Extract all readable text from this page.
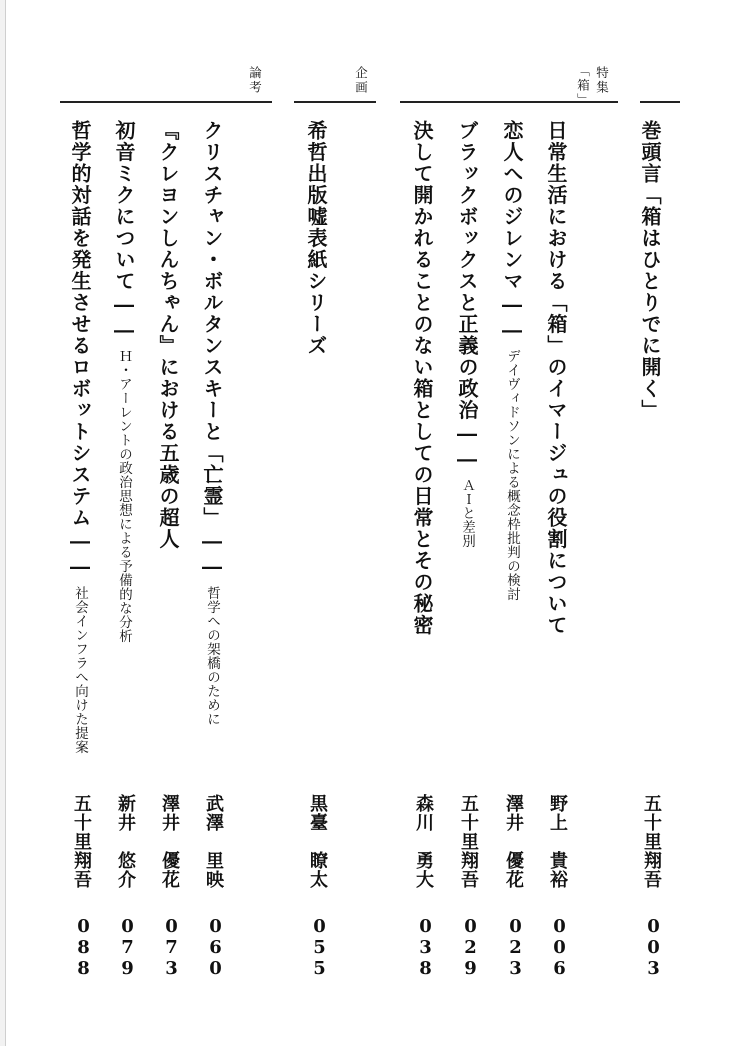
特集
「箱」
企画
論考
巻頭言「箱はひとりでに開く」
五十里翔吾
003
日常生活における「箱」のイマージュの役割について
野上　貴裕
006
恋人へのジレンマ――デイヴィドソンによる概念枠批判の検討
澤井　優花
023
ブラックボックスと正義の政治――ＡＩと差別
五十里翔吾
029
決して開かれることのない箱としての日常とその秘密
森川　勇大
038
希哲出版嘘表紙シリーズ
黒臺　瞭太
055
クリスチャン・ボルタンスキーと「亡霊」――哲学への架橋のために
武澤　里映
060
『クレヨンしんちゃん』における五歳の超人
澤井　優花
073
初音ミクについて――Ｈ・アーレントの政治思想による予備的な分析
新井　悠介
079
哲学的対話を発生させるロボットシステム――社会インフラへ向けた提案
五十里翔吾
088
